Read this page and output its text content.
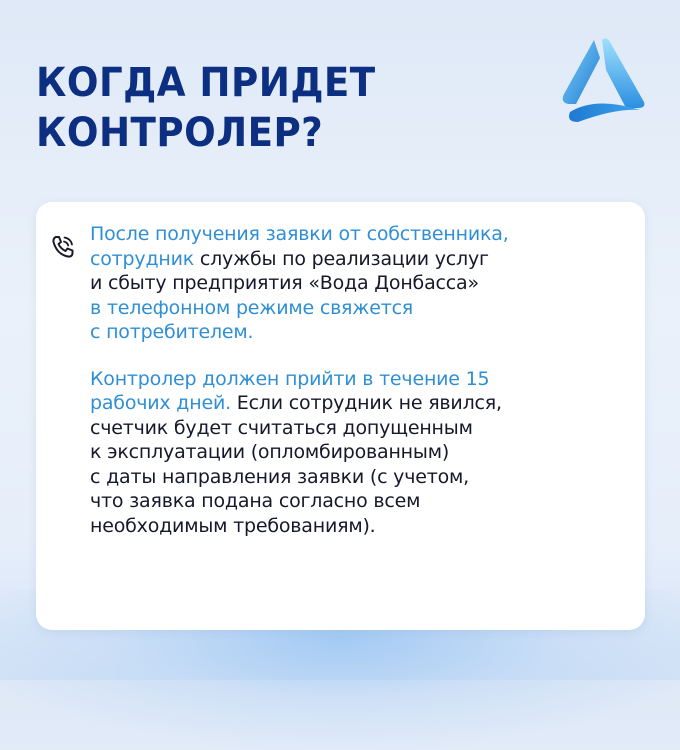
КОГДА ПРИДЕТ
КОНТРОЛЕР?

После получения заявки от собственника,
сотрудник службы по реализации услуг
и сбыту предприятия «Вода Донбасса»
в телефонном режиме свяжется
с потребителем.

Контролер должен прийти в течение 15
рабочих дней. Если сотрудник не явился,
счетчик будет считаться допущенным
к эксплуатации (опломбированным)
с даты направления заявки (с учетом,
что заявка подана согласно всем
необходимым требованиям).
